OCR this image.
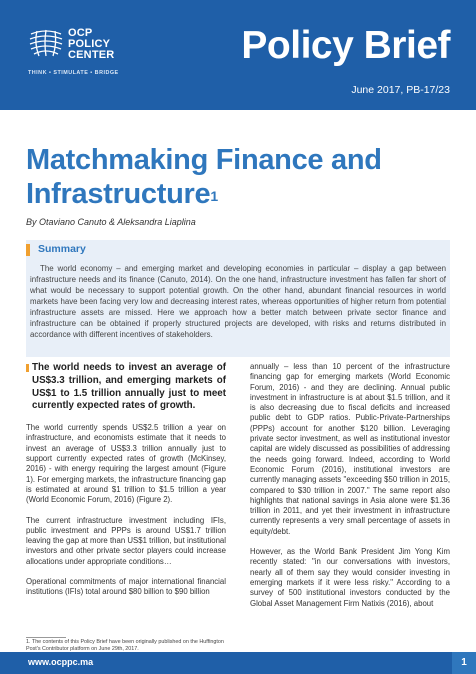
OCP
POLICY
CENTER
THINK • STIMULATE • BRIDGE
Policy Brief
June 2017, PB-17/23
Matchmaking Finance and Infrastructure$^1$
By Otaviano Canuto & Aleksandra Liaplina
Summary

The world economy – and emerging market and developing economies in particular – display a gap between infrastructure needs and its finance (Canuto, 2014). On the one hand, infrastructure investment has fallen far short of what would be necessary to support potential growth. On the other hand, abundant financial resources in world markets have been facing very low and decreasing interest rates, whereas opportunities of higher return from potential infrastructure assets are missed. Here we approach how a better match between private sector finance and infrastructure can be obtained if properly structured projects are developed, with risks and returns distributed in accordance with different incentives of stakeholders.

The world needs to invest an average of US$3.3 trillion, and emerging markets of US$1 to 1.5 trillion annually just to meet currently expected rates of growth.

The world currently spends US$2.5 trillion a year on infrastructure, and economists estimate that it needs to invest an average of US$3.3 trillion annually just to support currently expected rates of growth (McKinsey, 2016) - with energy requiring the largest amount (Figure 1). For emerging markets, the infrastructure financing gap is estimated at around $1 trillion to $1.5 trillion a year (World Economic Forum, 2016) (Figure 2).

The current infrastructure investment including IFIs, public investment and PPPs is around US$1.7 trillion leaving the gap at more than US$1 trillion, but institutional investors and other private sector players could increase allocations under appropriate conditions…

Operational commitments of major international financial institutions (IFIs) total around $80 billion to $90 billion

annually – less than 10 percent of the infrastructure financing gap for emerging markets (World Economic Forum, 2016) - and they are declining. Annual public investment in infrastructure is at about $1.5 trillion, and it is also decreasing due to fiscal deficits and increased public debt to GDP ratios. Public-Private-Partnerships (PPPs) account for another $120 billion. Leveraging private sector investment, as well as institutional investor capital are widely discussed as possibilities of addressing the needs going forward. Indeed, according to World Economic Forum (2016), institutional investors are currently managing assets "exceeding $50 trillion in 2015, compared to $30 trillion in 2007." The same report also highlights that national savings in Asia alone were $1.36 trillion in 2011, and yet their investment in infrastructure currently represents a very small percentage of assets in equity/debt.

However, as the World Bank President Jim Yong Kim recently stated: "in our conversations with investors, nearly all of them say they would consider investing in emerging markets if it were less risky." According to a survey of 500 institutional investors conducted by the Global Asset Management Firm Natixis (2016), about

1. The contents of this Policy Brief have been originally published on the Huffington Post's Contributor platform on June 29th, 2017.

www.ocppc.ma	1
